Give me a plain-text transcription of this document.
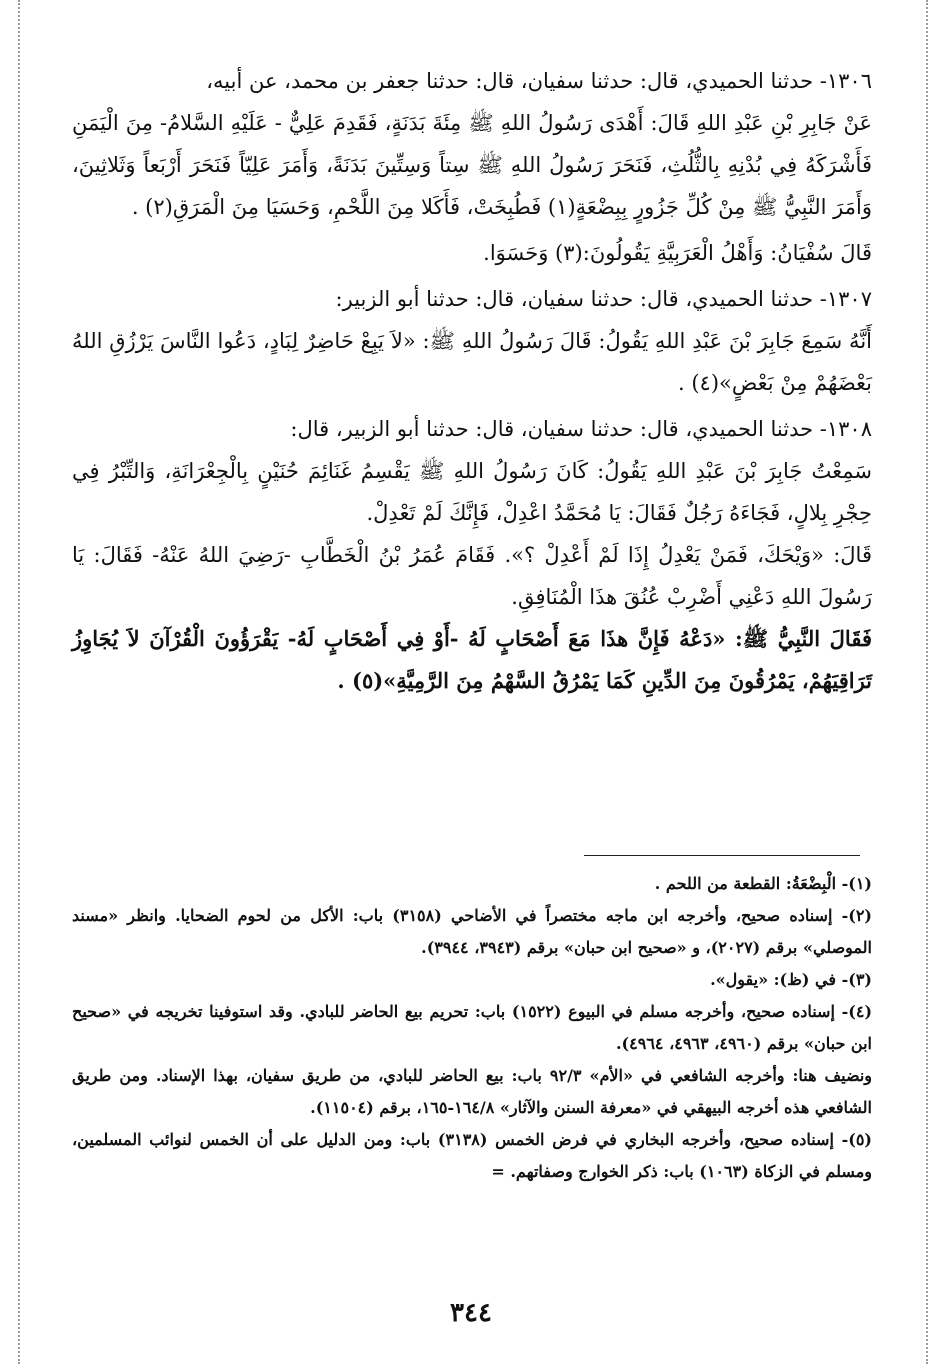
١٣٠٦- حدثنا الحميدي، قال: حدثنا سفيان، قال: حدثنا جعفر بن محمد، عن أبيه،

عَنْ جَابِرِ بْنِ عَبْدِ اللهِ قَالَ: أَهْدَى رَسُولُ اللهِ ﷺ مِئَةَ بَدَنَةٍ، فَقَدِمَ عَلِيٌّ - عَلَيْهِ السَّلامُ- مِنَ الْيَمَنِ فَأَشْرَكَهُ فِي بُدْنِهِ بِالثُّلُثِ، فَنَحَرَ رَسُولُ اللهِ ﷺ سِتاً وَسِتِّينَ بَدَنَةً، وَأَمَرَ عَلِيّاً فَنَحَرَ أَرْبَعاً وَثَلاثِينَ، وَأَمَرَ النَّبِيُّ ﷺ مِنْ كُلِّ جَزُورٍ بِبِضْعَةٍ(١) فَطُبِخَتْ، فَأَكَلا مِنَ اللَّحْمِ، وَحَسَيَا مِنَ الْمَرَقِ(٢) .

قَالَ سُفْيَانُ: وَأَهْلُ الْعَرَبِيَّةِ يَقُولُونَ:(٣) وَحَسَوَا.

١٣٠٧- حدثنا الحميدي، قال: حدثنا سفيان، قال: حدثنا أبو الزبير:

أَنَّهُ سَمِعَ جَابِرَ بْنَ عَبْدِ اللهِ يَقُولُ: قَالَ رَسُولُ اللهِ ﷺ: «لاَ يَبِعْ حَاضِرٌ لِبَادٍ، دَعُوا النَّاسَ يَرْزُقِ اللهُ بَعْضَهُمْ مِنْ بَعْضٍ»(٤) .

١٣٠٨- حدثنا الحميدي، قال: حدثنا سفيان، قال: حدثنا أبو الزبير، قال:

سَمِعْتُ جَابِرَ بْنَ عَبْدِ اللهِ يَقُولُ: كَانَ رَسُولُ اللهِ ﷺ يَقْسِمُ غَنَائِمَ حُنَيْنٍ بِالْجِعْرَانَةِ، وَالتِّبْرُ فِي حِجْرِ بِلالٍ، فَجَاءَهُ رَجُلٌ فَقَالَ: يَا مُحَمَّدُ اعْدِلْ، فَإِنَّكَ لَمْ تَعْدِلْ.

قَالَ: «وَيْحَكَ، فَمَنْ يَعْدِلُ إِذَا لَمْ أَعْدِلْ ؟». فَقَامَ عُمَرُ بْنُ الْخَطَّابِ -رَضِيَ اللهُ عَنْهُ- فَقَالَ: يَا رَسُولَ اللهِ دَعْنِي أَضْرِبْ عُنُقَ هذَا الْمُنَافِقِ.

فَقَالَ النَّبِيُّ ﷺ: «دَعْهُ فَإِنَّ هذَا مَعَ أَصْحَابٍ لَهُ -أَوْ فِي أَصْحَابٍ لَهُ- يَقْرَؤُونَ الْقُرْآنَ لاَ يُجَاوِزُ تَرَاقِيَهُمْ، يَمْرُقُونَ مِنَ الدِّينِ كَمَا يَمْرُقُ السَّهْمُ مِنَ الرَّمِيَّةِ»(٥) .

(١)- الْبِضْعَةُ: القطعة من اللحم .

(٢)- إسناده صحيح، وأخرجه ابن ماجه مختصراً في الأضاحي (٣١٥٨) باب: الأكل من لحوم الضحايا. وانظر «مسند الموصلي» برقم (٢٠٢٧)، و «صحيح ابن حبان» برقم (٣٩٤٣، ٣٩٤٤).

(٣)- في (ظ): «يقول».

(٤)- إسناده صحيح، وأخرجه مسلم في البيوع (١٥٢٢) باب: تحريم بيع الحاضر للبادي. وقد استوفينا تخريجه في «صحيح ابن حبان» برقم (٤٩٦٠، ٤٩٦٣، ٤٩٦٤).

ونضيف هنا: وأخرجه الشافعي في «الأم» ٩٢/٣ باب: بيع الحاضر للبادي، من طريق سفيان، بهذا الإسناد. ومن طريق الشافعي هذه أخرجه البيهقي في «معرفة السنن والآثار» ١٦٤/٨-١٦٥، برقم (١١٥٠٤).

(٥)- إسناده صحيح، وأخرجه البخاري في فرض الخمس (٣١٣٨) باب: ومن الدليل على أن الخمس لنوائب المسلمين، ومسلم في الزكاة (١٠٦٣) باب: ذكر الخوارج وصفاتهم. =

٣٤٤
